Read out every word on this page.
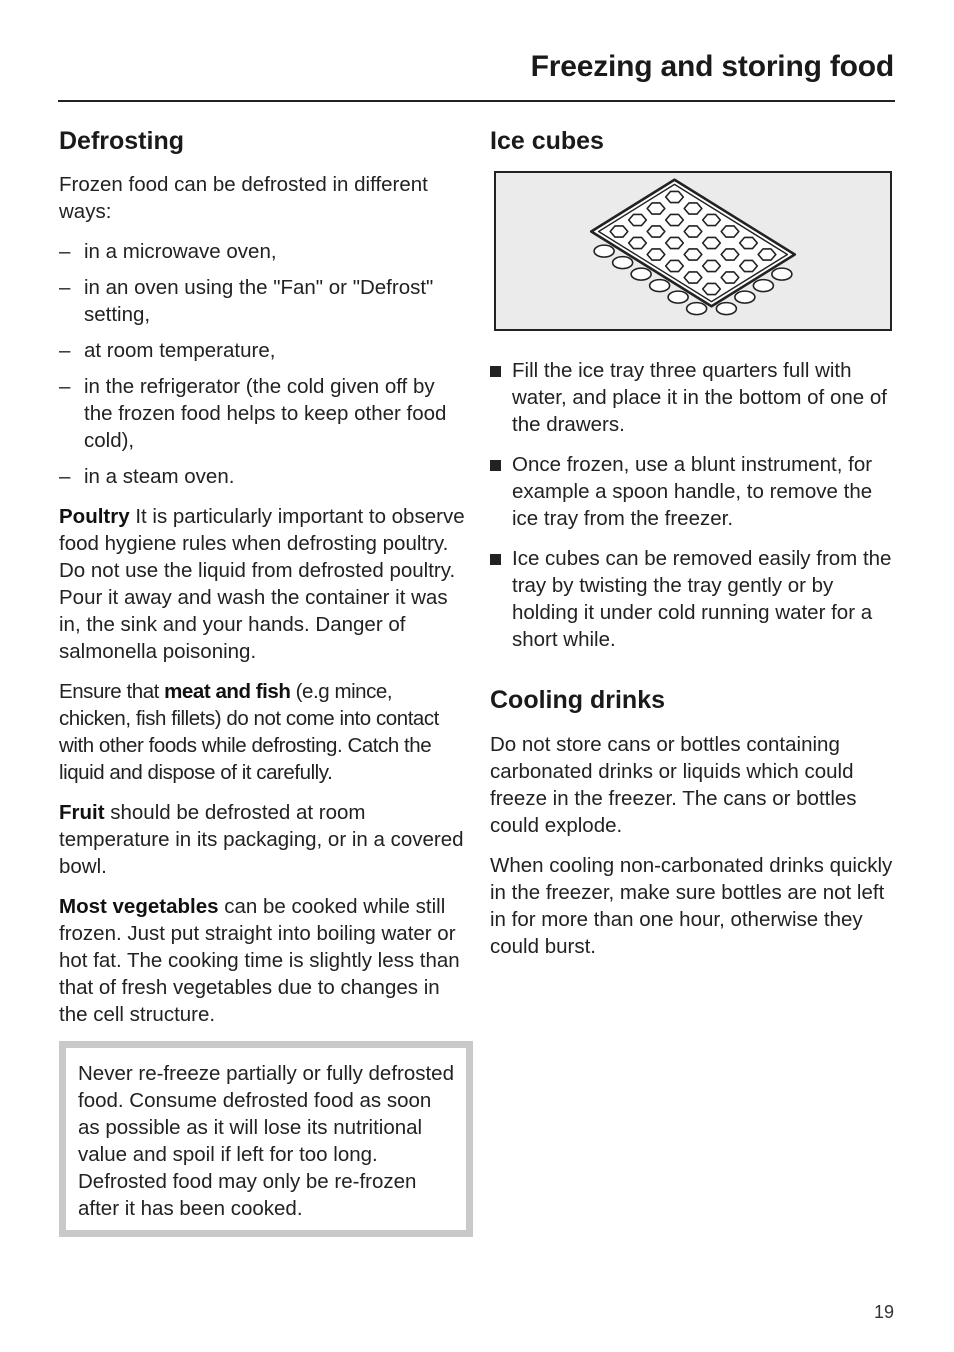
Freezing and storing food
Defrosting

Frozen food can be defrosted in different ways:

– in a microwave oven,
– in an oven using the "Fan" or "Defrost" setting,
– at room temperature,
– in the refrigerator (the cold given off by the frozen food helps to keep other food cold),
– in a steam oven.

Poultry It is particularly important to observe food hygiene rules when defrosting poultry. Do not use the liquid from defrosted poultry. Pour it away and wash the container it was in, the sink and your hands. Danger of salmonella poisoning.

Ensure that meat and fish (e.g mince, chicken, fish fillets) do not come into contact with other foods while defrosting. Catch the liquid and dispose of it carefully.

Fruit should be defrosted at room temperature in its packaging, or in a covered bowl.

Most vegetables can be cooked while still frozen. Just put straight into boiling water or hot fat. The cooking time is slightly less than that of fresh vegetables due to changes in the cell structure.

Never re-freeze partially or fully defrosted food. Consume defrosted food as soon as possible as it will lose its nutritional value and spoil if left for too long. Defrosted food may only be re-frozen after it has been cooked.

Ice cubes
Fill the ice tray three quarters full with water, and place it in the bottom of one of the drawers.
Once frozen, use a blunt instrument, for example a spoon handle, to remove the ice tray from the freezer.
Ice cubes can be removed easily from the tray by twisting the tray gently or by holding it under cold running water for a short while.
Cooling drinks

Do not store cans or bottles containing carbonated drinks or liquids which could freeze in the freezer. The cans or bottles could explode.

When cooling non-carbonated drinks quickly in the freezer, make sure bottles are not left in for more than one hour, otherwise they could burst.

19
